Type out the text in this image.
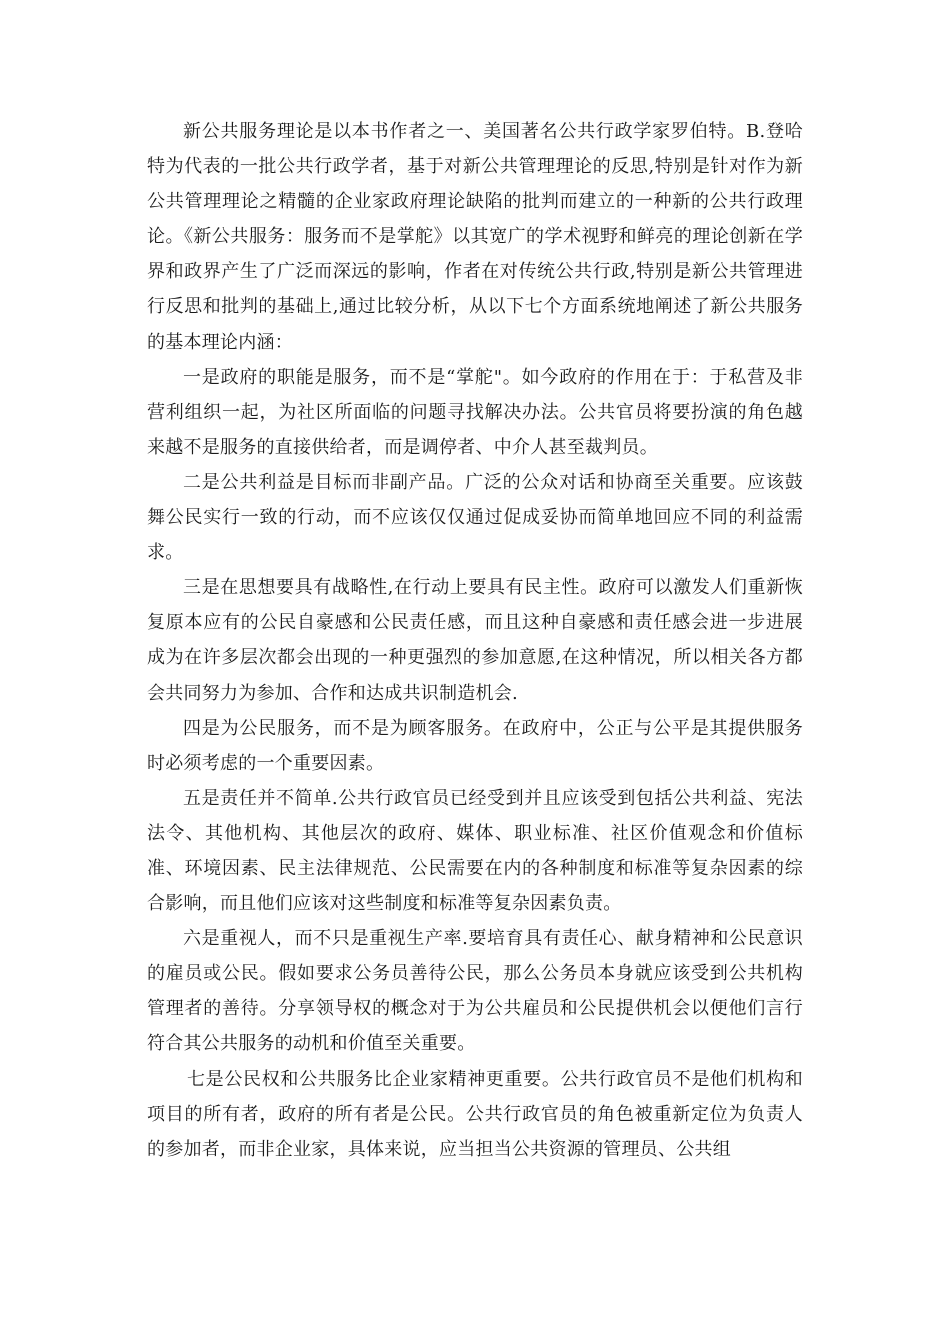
新公共服务理论是以本书作者之一、美国著名公共行政学家罗伯特。B.登哈特为代表的一批公共行政学者，基于对新公共管理理论的反思,特别是针对作为新公共管理理论之精髓的企业家政府理论缺陷的批判而建立的一种新的公共行政理论。《新公共服务：服务而不是掌舵》以其宽广的学术视野和鲜亮的理论创新在学界和政界产生了广泛而深远的影响，作者在对传统公共行政,特别是新公共管理进行反思和批判的基础上,通过比较分析，从以下七个方面系统地阐述了新公共服务的基本理论内涵：

一是政府的职能是服务，而不是“掌舵"。如今政府的作用在于：于私营及非营利组织一起，为社区所面临的问题寻找解决办法。公共官员将要扮演的角色越来越不是服务的直接供给者，而是调停者、中介人甚至裁判员。

二是公共利益是目标而非副产品。广泛的公众对话和协商至关重要。应该鼓舞公民实行一致的行动，而不应该仅仅通过促成妥协而简单地回应不同的利益需求。

三是在思想要具有战略性,在行动上要具有民主性。政府可以激发人们重新恢复原本应有的公民自豪感和公民责任感，而且这种自豪感和责任感会进一步进展成为在许多层次都会出现的一种更强烈的参加意愿,在这种情况，所以相关各方都会共同努力为参加、合作和达成共识制造机会.

四是为公民服务，而不是为顾客服务。在政府中，公正与公平是其提供服务时必须考虑的一个重要因素。

五是责任并不简单.公共行政官员已经受到并且应该受到包括公共利益、宪法法令、其他机构、其他层次的政府、媒体、职业标准、社区价值观念和价值标准、环境因素、民主法律规范、公民需要在内的各种制度和标准等复杂因素的综合影响，而且他们应该对这些制度和标准等复杂因素负责。

六是重视人，而不只是重视生产率.要培育具有责任心、献身精神和公民意识的雇员或公民。假如要求公务员善待公民，那么公务员本身就应该受到公共机构管理者的善待。分享领导权的概念对于为公共雇员和公民提供机会以便他们言行符合其公共服务的动机和价值至关重要。

七是公民权和公共服务比企业家精神更重要。公共行政官员不是他们机构和项目的所有者，政府的所有者是公民。公共行政官员的角色被重新定位为负责人的参加者，而非企业家，具体来说，应当担当公共资源的管理员、公共组
